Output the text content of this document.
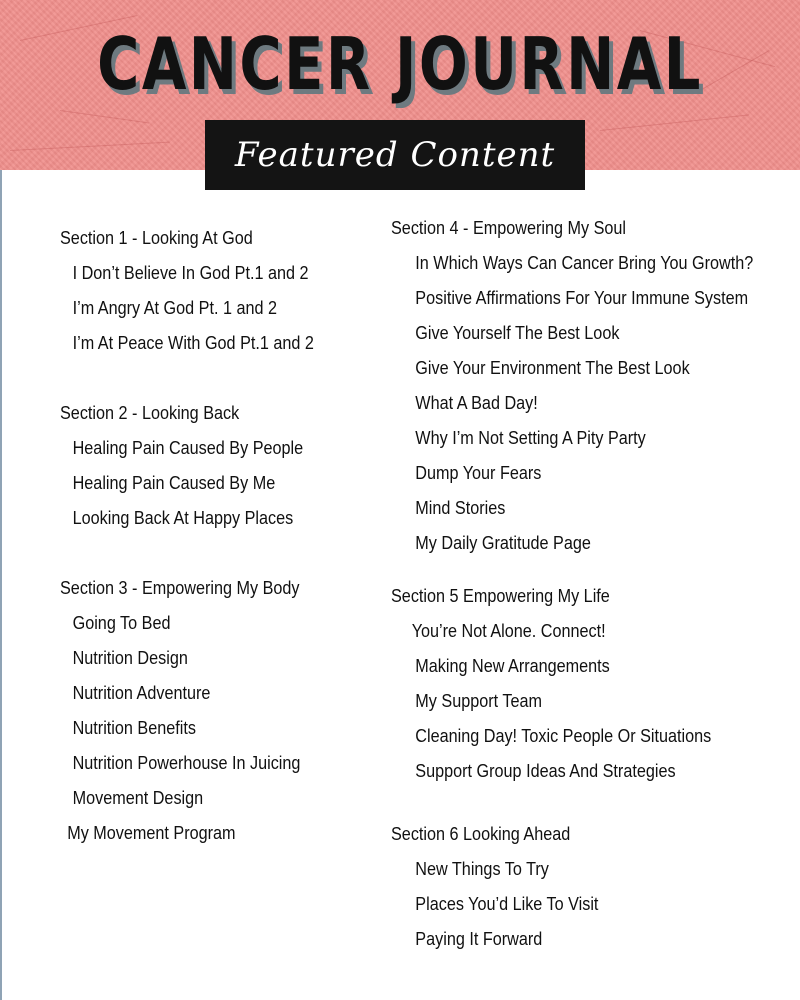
CANCER JOURNAL
Featured Content
Section 1 - Looking At God
I Don’t Believe In God Pt.1 and 2
I’m Angry At God Pt. 1 and 2
I’m At Peace With God Pt.1 and 2
Section 2 - Looking Back
Healing Pain Caused By People
Healing Pain Caused By Me
Looking Back At Happy Places
Section 3 - Empowering My Body
Going To Bed
Nutrition Design
Nutrition Adventure
Nutrition Benefits
Nutrition Powerhouse In Juicing
Movement Design
My Movement Program
Section 4 - Empowering My Soul
In Which Ways Can Cancer Bring You Growth?
Positive Affirmations For Your Immune System
Give Yourself The Best Look
Give Your Environment The Best Look
What A Bad Day!
Why I’m Not Setting A Pity Party
Dump Your Fears
Mind Stories
My Daily Gratitude Page
Section 5 Empowering My Life
You’re Not Alone. Connect!
Making New Arrangements
My Support Team
Cleaning Day! Toxic People Or Situations
Support Group Ideas And Strategies
Section 6 Looking Ahead
New Things To Try
Places You’d Like To Visit
Paying It Forward
